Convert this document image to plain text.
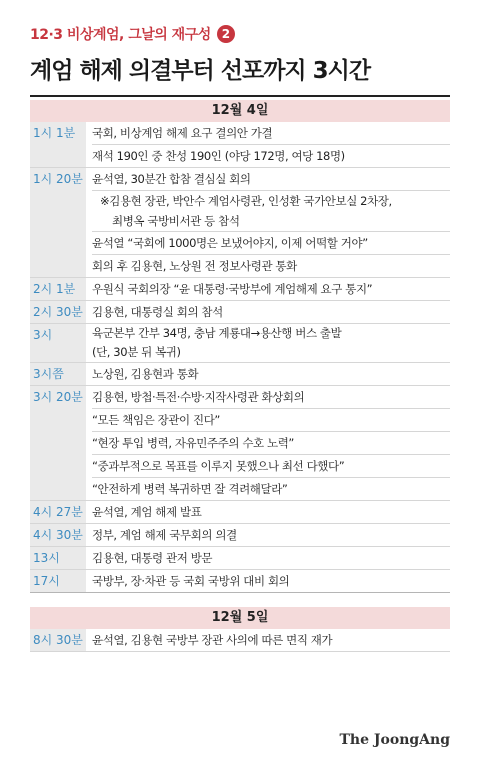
12·3 비상계엄, 그날의 재구성 2
계엄 해제 의결부터 선포까지 3시간
12월 4일
1시 1분	국회, 비상계엄 해제 요구 결의안 가결
재석 190인 중 찬성 190인 (야당 172명, 여당 18명)
1시 20분 윤석열, 30분간 합참 결심실 회의
※김용현 장관, 박안수 계엄사령관, 인성환 국가안보실 2차장,
최병옥 국방비서관 등 참석
윤석열 “국회에 1000명은 보냈어야지, 이제 어떡할 거야”
회의 후 김용현, 노상원 전 정보사령관 통화
2시 1분	우원식 국회의장 “윤 대통령·국방부에 계엄해제 요구 통지”
2시 30분 김용현, 대통령실 회의 참석
3시	육군본부 간부 34명, 충남 계룡대→용산행 버스 출발
(단, 30분 뒤 복귀)
3시쯤	노상원, 김용현과 통화
3시 20분 김용현, 방첩·특전·수방·지작사령관 화상회의
“모든 책임은 장관이 진다”
“현장 투입 병력, 자유민주주의 수호 노력”
“중과부적으로 목표를 이루지 못했으나 최선 다했다”
“안전하게 병력 복귀하면 잘 격려해달라”
4시 27분 윤석열, 계엄 해제 발표
4시 30분 정부, 계엄 해제 국무회의 의결
13시	김용현, 대통령 관저 방문
17시	국방부, 장·차관 등 국회 국방위 대비 회의
12월 5일
8시 30분 윤석열, 김용현 국방부 장관 사의에 따른 면직 재가
The JoongAng
